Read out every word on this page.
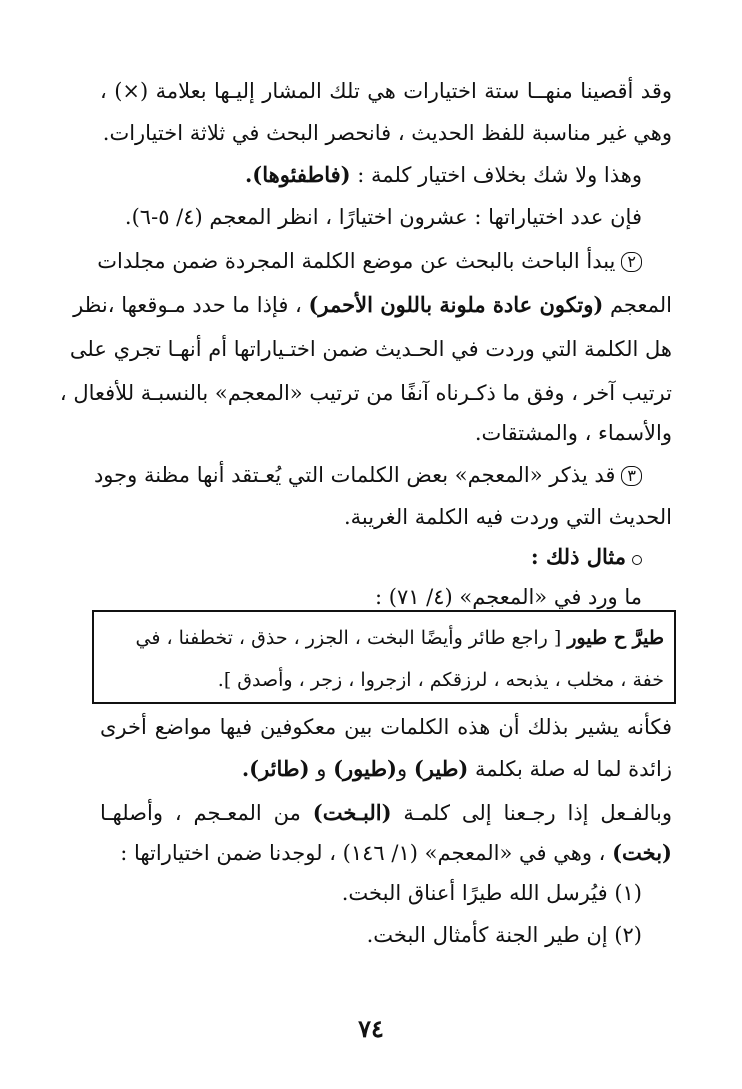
وقد أقصينا منهــا ستة اختيارات هي تلك المشار إليـها بعلامة (×) ،
وهي غير مناسبة للفظ الحديث ، فانحصر البحث في ثلاثة اختيارات.
وهذا ولا شك بخلاف اختيار كلمة : (فاطفئوها).
فإن عدد اختياراتها : عشرون اختيارًا ، انظر المعجم (٤/ ٥-٦).
٢يبدأ الباحث بالبحث عن موضع الكلمة المجردة ضمن مجلدات
المعجم (وتكون عادة ملونة باللون الأحمر) ، فإذا ما حدد مـوقعها ،نظر
هل الكلمة التي وردت في الحـديث ضمن اختـياراتها أم أنهـا تجري على
ترتيب آخر ، وفق ما ذكـرناه آنفًا من ترتيب «المعجم» بالنسبـة للأفعال ،
والأسماء ، والمشتقات.
٣قد يذكر «المعجم» بعض الكلمات التي يُعـتقد أنها مظنة وجود
الحديث التي وردت فيه الكلمة الغريبة.
مثال ذلك :
ما ورد في «المعجم» (٤/ ٧١) :
فكأنه يشير بذلك أن هذه الكلمات بين معكوفين فيها مواضع أخرى
زائدة لما له صلة بكلمة (طير) و(طيور) و (طائر).
وبالفـعل إذا رجـعنا إلى كلمـة (البـخت) من المعـجم ، وأصلهـا
(بخت) ، وهي في «المعجم» (١/ ١٤٦) ، لوجدنا ضمن اختياراتها :
(١) فيُرسل الله طيرًا أعناق البخت.
(٢) إن طير الجنة كأمثال البخت.
طيرَّ ح طيور [ راجع طائر وأيضًا البخت ، الجزر ، حذق ، تخطفنا ، في
خفة ، مخلب ، يذبحه ، لرزقكم ، ازجروا ، زجر ، وأصدق ].
٧٤
